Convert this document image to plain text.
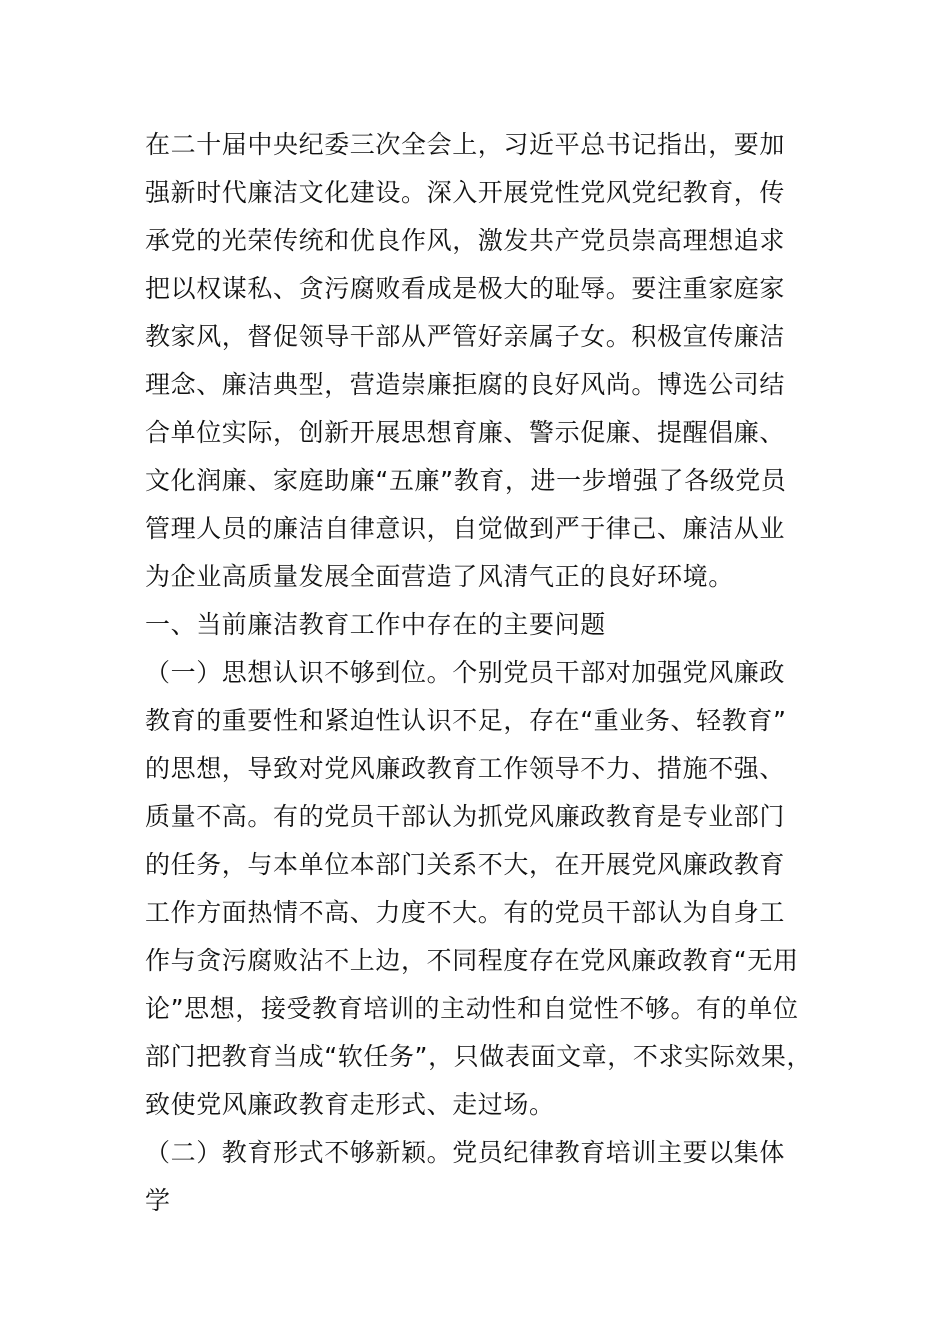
在二十届中央纪委三次全会上，习近平总书记指出，要加
强新时代廉洁文化建设。深入开展党性党风党纪教育，传
承党的光荣传统和优良作风，激发共产党员崇高理想追求
把以权谋私、贪污腐败看成是极大的耻辱。要注重家庭家
教家风，督促领导干部从严管好亲属子女。积极宣传廉洁
理念、廉洁典型，营造崇廉拒腐的良好风尚。博选公司结
合单位实际，创新开展思想育廉、警示促廉、提醒倡廉、
文化润廉、家庭助廉“五廉”教育，进一步增强了各级党员
管理人员的廉洁自律意识，自觉做到严于律己、廉洁从业
为企业高质量发展全面营造了风清气正的良好环境。
一、当前廉洁教育工作中存在的主要问题
（一）思想认识不够到位。个别党员干部对加强党风廉政
教育的重要性和紧迫性认识不足，存在“重业务、轻教育”
的思想，导致对党风廉政教育工作领导不力、措施不强、
质量不高。有的党员干部认为抓党风廉政教育是专业部门
的任务，与本单位本部门关系不大，在开展党风廉政教育
工作方面热情不高、力度不大。有的党员干部认为自身工
作与贪污腐败沾不上边，不同程度存在党风廉政教育“无用
论”思想，接受教育培训的主动性和自觉性不够。有的单位
部门把教育当成“软任务”，只做表面文章，不求实际效果，
致使党风廉政教育走形式、走过场。
（二）教育形式不够新颖。党员纪律教育培训主要以集体
学
